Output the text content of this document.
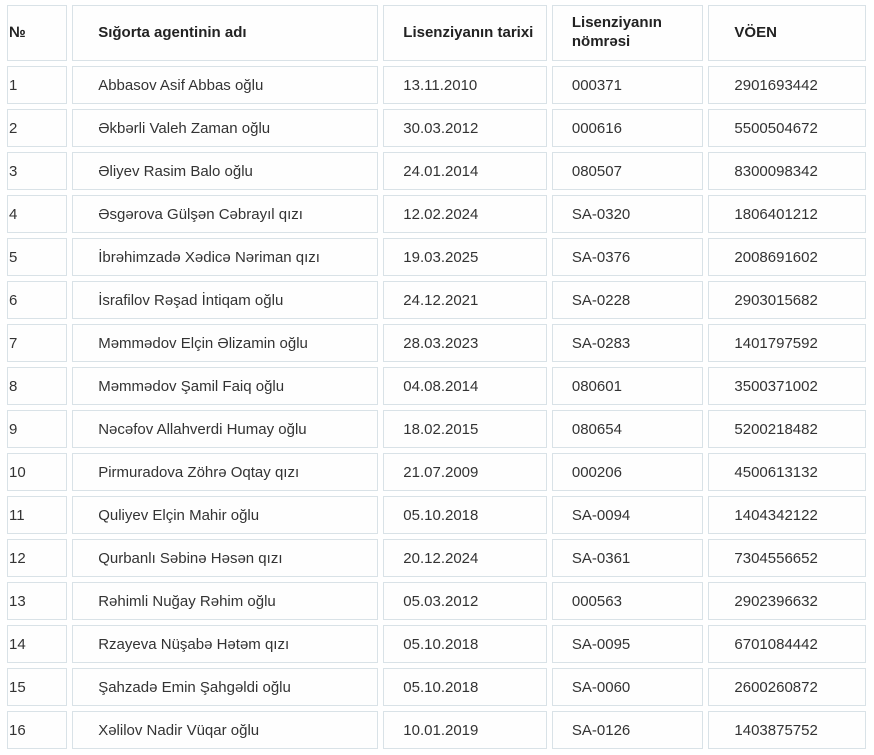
№	Sığorta agentinin adı	Lisenziyanın tarixi	Lisenziyanın nömrəsi	VÖEN
1	Abbasov Asif Abbas oğlu	13.11.2010	000371	2901693442
2	Əkbərli Valeh Zaman oğlu	30.03.2012	000616	5500504672
3	Əliyev Rasim Balo oğlu	24.01.2014	080507	8300098342
4	Əsgərova Gülşən Cəbrayıl qızı	12.02.2024	SA-0320	1806401212
5	İbrəhimzadə Xədicə Nəriman qızı	19.03.2025	SA-0376	2008691602
6	İsrafilov Rəşad İntiqam oğlu	24.12.2021	SA-0228	2903015682
7	Məmmədov Elçin Əlizamin oğlu	28.03.2023	SA-0283	1401797592
8	Məmmədov Şamil Faiq oğlu	04.08.2014	080601	3500371002
9	Nəcəfov Allahverdi Humay oğlu	18.02.2015	080654	5200218482
10	Pirmuradova Zöhrə Oqtay qızı	21.07.2009	000206	4500613132
11	Quliyev Elçin Mahir oğlu	05.10.2018	SA-0094	1404342122
12	Qurbanlı Səbinə Həsən qızı	20.12.2024	SA-0361	7304556652
13	Rəhimli Nuğay Rəhim oğlu	05.03.2012	000563	2902396632
14	Rzayeva Nüşabə Hətəm qızı	05.10.2018	SA-0095	6701084442
15	Şahzadə Emin Şahgəldi oğlu	05.10.2018	SA-0060	2600260872
16	Xəlilov Nadir Vüqar oğlu	10.01.2019	SA-0126	1403875752
